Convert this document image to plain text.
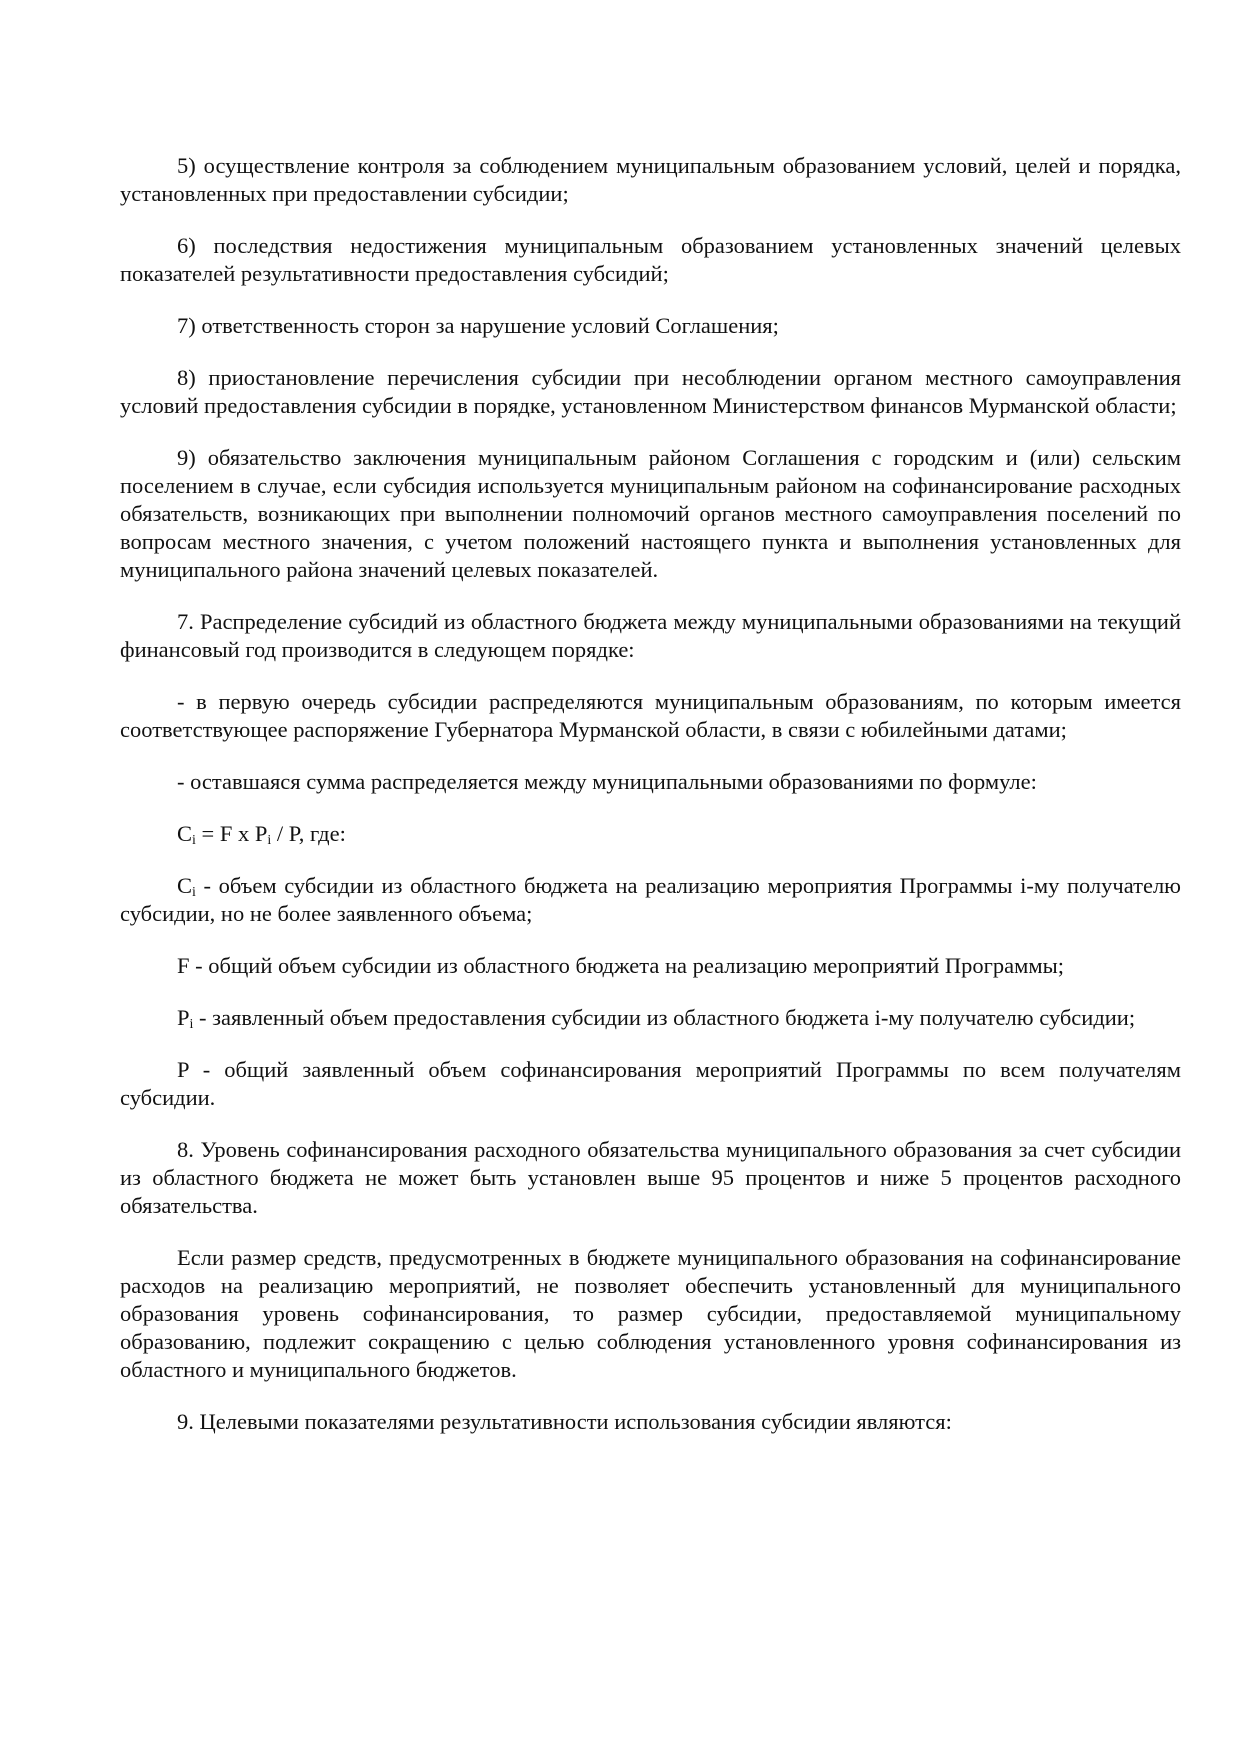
5) осуществление контроля за соблюдением муниципальным образованием условий, целей и порядка, установленных при предоставлении субсидии;

6) последствия недостижения муниципальным образованием установленных значений целевых показателей результативности предоставления субсидий;

7) ответственность сторон за нарушение условий Соглашения;

8) приостановление перечисления субсидии при несоблюдении органом местного самоуправления условий предоставления субсидии в порядке, установленном Министерством финансов Мурманской области;

9) обязательство заключения муниципальным районом Соглашения с городским и (или) сельским поселением в случае, если субсидия используется муниципальным районом на софинансирование расходных обязательств, возникающих при выполнении полномочий органов местного самоуправления поселений по вопросам местного значения, с учетом положений настоящего пункта и выполнения установленных для муниципального района значений целевых показателей.

7. Распределение субсидий из областного бюджета между муниципальными образованиями на текущий финансовый год производится в следующем порядке:

- в первую очередь субсидии распределяются муниципальным образованиям, по которым имеется соответствующее распоряжение Губернатора Мурманской области, в связи с юбилейными датами;

- оставшаяся сумма распределяется между муниципальными образованиями по формуле:

$C_i = F$ x $P_i$ / P, где:

$C_i$ - объем субсидии из областного бюджета на реализацию мероприятия Программы i-му получателю субсидии, но не более заявленного объема;

F - общий объем субсидии из областного бюджета на реализацию мероприятий Программы;

$P_i$ - заявленный объем предоставления субсидии из областного бюджета i-му получателю субсидии;

P - общий заявленный объем софинансирования мероприятий Программы по всем получателям субсидии.

8. Уровень софинансирования расходного обязательства муниципального образования за счет субсидии из областного бюджета не может быть установлен выше 95 процентов и ниже 5 процентов расходного обязательства.

Если размер средств, предусмотренных в бюджете муниципального образования на софинансирование расходов на реализацию мероприятий, не позволяет обеспечить установленный для муниципального образования уровень софинансирования, то размер субсидии, предоставляемой муниципальному образованию, подлежит сокращению с целью соблюдения установленного уровня софинансирования из областного и муниципального бюджетов.

9. Целевыми показателями результативности использования субсидии являются:
